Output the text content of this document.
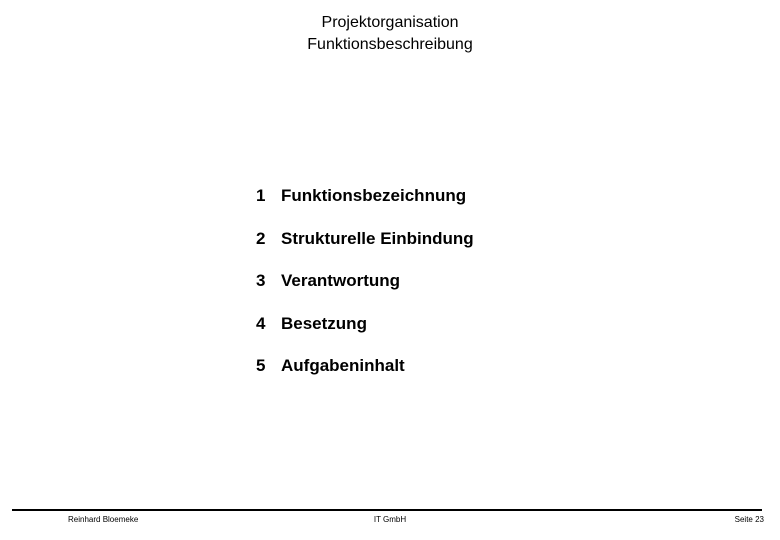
Projektorganisation
Funktionsbeschreibung
1 Funktionsbezeichnung
2 Strukturelle Einbindung
3 Verantwortung
4 Besetzung
5 Aufgabeninhalt
Reinhard Bloemeke	IT GmbH	Seite 23
